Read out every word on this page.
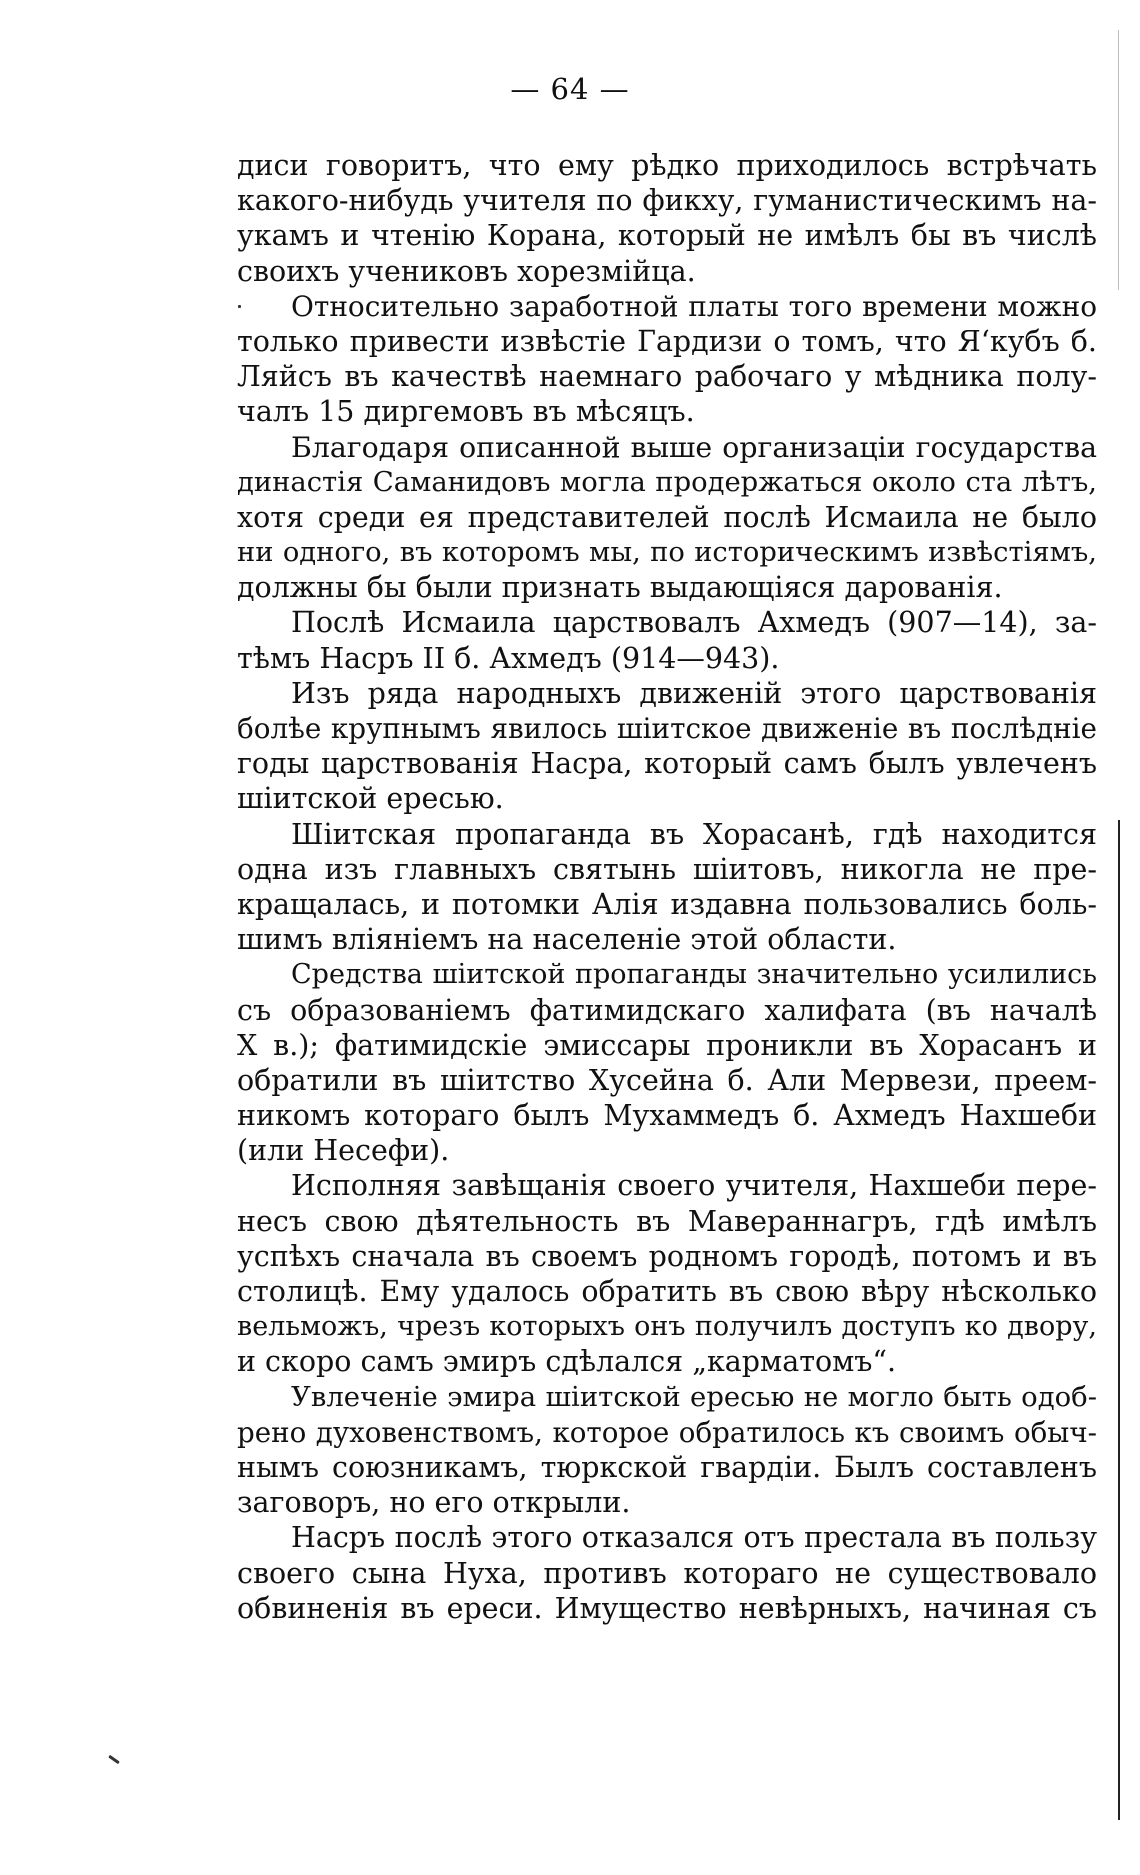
— 64 —
диси говоритъ, что ему рѣдко приходилось встрѣчать
какого-нибудь учителя по фикху, гуманистическимъ на-
укамъ и чтенію Корана, который не имѣлъ бы въ числѣ
своихъ учениковъ хорезмійца.
Относительно заработной платы того времени можно
только привести извѣстіе Гардизи о томъ, что Я‘кубъ б.
Ляйсъ въ качествѣ наемнаго рабочаго у мѣдника полу-
чалъ 15 диргемовъ въ мѣсяцъ.
Благодаря описанной выше организаціи государства
династія Саманидовъ могла продержаться около ста лѣтъ,
хотя среди ея представителей послѣ Исмаила не было
ни одного, въ которомъ мы, по историческимъ извѣстіямъ,
должны бы были признать выдающіяся дарованія.
Послѣ Исмаила царствовалъ Ахмедъ (907—14), за-
тѣмъ Насръ II б. Ахмедъ (914—943).
Изъ ряда народныхъ движеній этого царствованія
болѣе крупнымъ явилось шіитское движеніе въ послѣдніе
годы царствованія Насра, который самъ былъ увлеченъ
шіитской ересью.
Шіитская пропаганда въ Хорасанѣ, гдѣ находится
одна изъ главныхъ святынь шіитовъ, никогла не пре-
кращалась, и потомки Алія издавна пользовались боль-
шимъ вліяніемъ на населеніе этой области.
Средства шіитской пропаганды значительно усилились
съ образованіемъ фатимидскаго халифата (въ началѣ
X в.); фатимидскіе эмиссары проникли въ Хорасанъ и
обратили въ шіитство Хусейна б. Али Мервези, преем-
никомъ котораго былъ Мухаммедъ б. Ахмедъ Нахшеби
(или Несефи).
Исполняя завѣщанія своего учителя, Нахшеби пере-
несъ свою дѣятельность въ Мавераннагръ, гдѣ имѣлъ
успѣхъ сначала въ своемъ родномъ городѣ, потомъ и въ
столицѣ. Ему удалось обратить въ свою вѣру нѣсколько
вельможъ, чрезъ которыхъ онъ получилъ доступъ ко двору,
и скоро самъ эмиръ сдѣлался „карматомъ“.
Увлеченіе эмира шіитской ересью не могло быть одоб-
рено духовенствомъ, которое обратилось къ своимъ обыч-
нымъ союзникамъ, тюркской гвардіи. Былъ составленъ
заговоръ, но его открыли.
Насръ послѣ этого отказался отъ престала въ пользу
своего сына Нуха, противъ котораго не существовало
обвиненія въ ереси. Имущество невѣрныхъ, начиная съ
